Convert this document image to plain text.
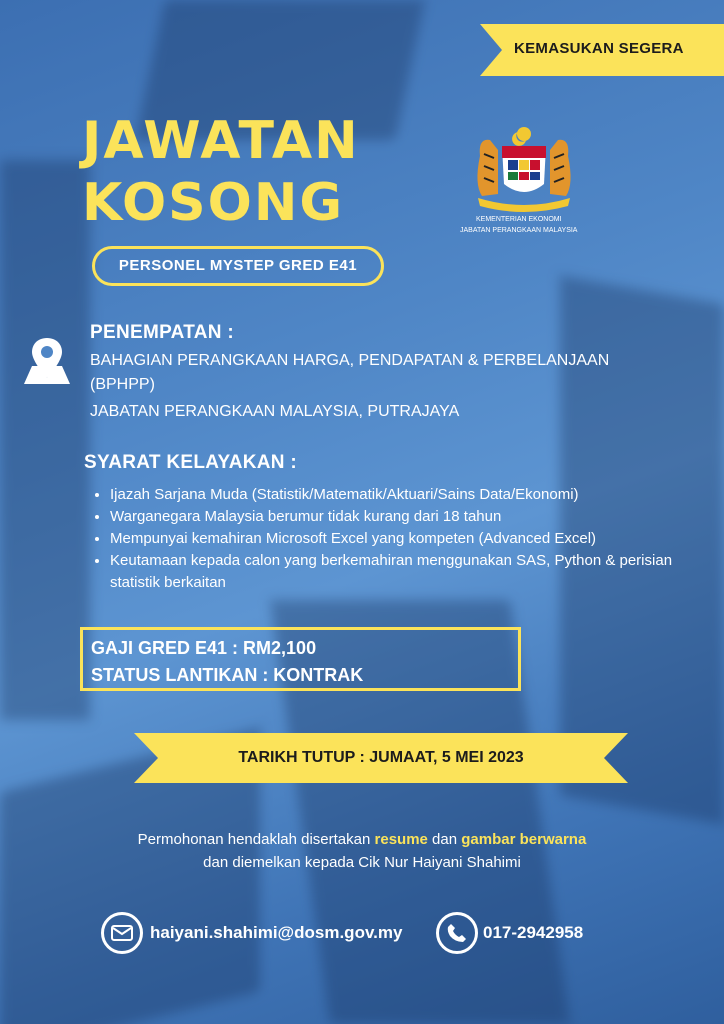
KEMASUKAN SEGERA
JAWATAN
KOSONG	KEMENTERIAN EKONOMI
JABATAN PERANGKAAN MALAYSIA
PERSONEL MYSTEP GRED E41
PENEMPATAN :
BAHAGIAN PERANGKAAN HARGA, PENDAPATAN & PERBELANJAAN
(BPHPP)
JABATAN PERANGKAAN MALAYSIA, PUTRAJAYA
SYARAT KELAYAKAN :
• Ijazah Sarjana Muda (Statistik/Matematik/Aktuari/Sains Data/Ekonomi)
• Warganegara Malaysia berumur tidak kurang dari 18 tahun
• Mempunyai kemahiran Microsoft Excel yang kompeten (Advanced Excel)
• Keutamaan kepada calon yang berkemahiran menggunakan SAS, Python & perisian statistik berkaitan
GAJI GRED E41 : RM2,100
STATUS LANTIKAN : KONTRAK
TARIKH TUTUP : JUMAAT, 5 MEI 2023
Permohonan hendaklah disertakan resume dan gambar berwarna
dan diemelkan kepada Cik Nur Haiyani Shahimi
haiyani.shahimi@dosm.gov.my	017-2942958
